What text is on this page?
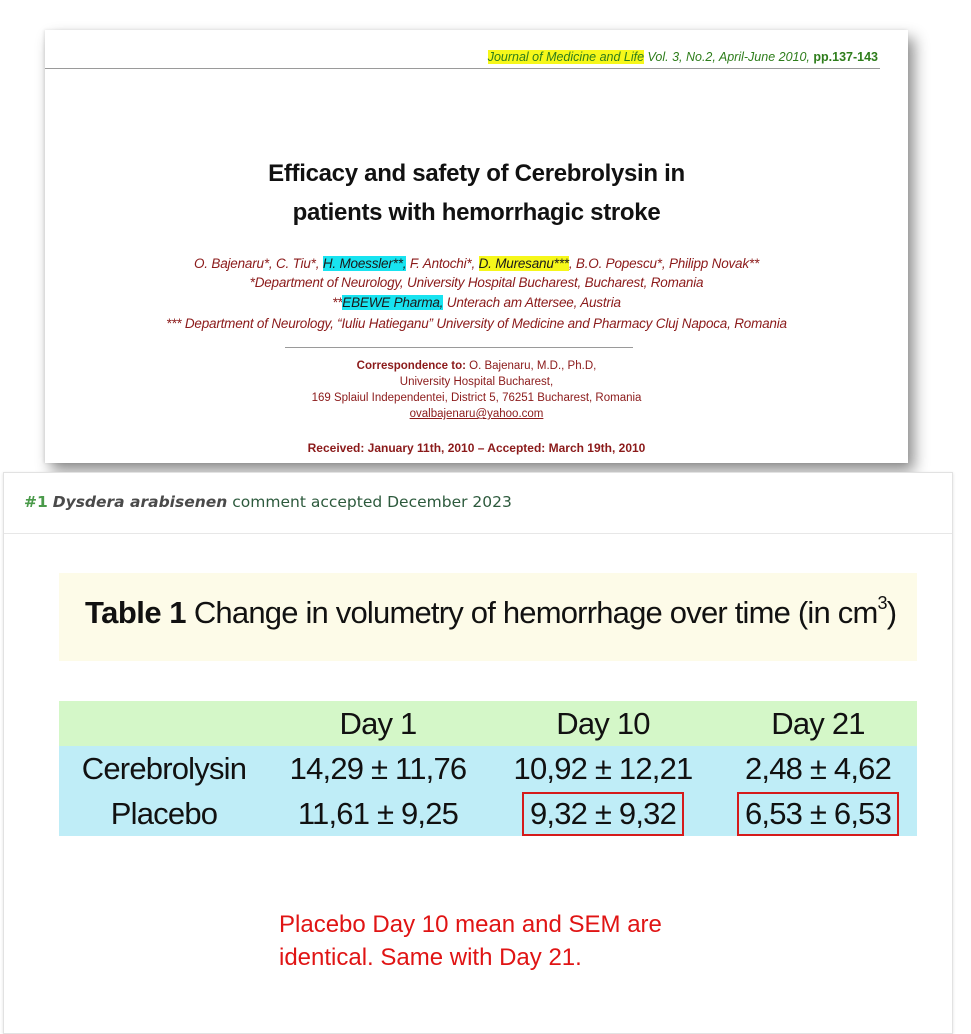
Journal of Medicine and Life Vol. 3, No.2, April-June 2010, pp.137-143
Efficacy and safety of Cerebrolysin in
patients with hemorrhagic stroke
O. Bajenaru*, C. Tiu*, H. Moessler**, F. Antochi*, D. Muresanu***, B.O. Popescu*, Philipp Novak**
*Department of Neurology, University Hospital Bucharest, Bucharest, Romania
**EBEWE Pharma, Unterach am Attersee, Austria
*** Department of Neurology, “Iuliu Hatieganu” University of Medicine and Pharmacy Cluj Napoca, Romania
Correspondence to: O. Bajenaru, M.D., Ph.D,
University Hospital Bucharest,
169 Splaiul Independentei, District 5, 76251 Bucharest, Romania
ovalbajenaru@yahoo.com
Received: January 11th, 2010 – Accepted: March 19th, 2010
#1 Dysdera arabisenen comment accepted December 2023
Table 1 Change in volumetry of hemorrhage over time (in $cm^3$)
	Day 1	Day 10	Day 21
Cerebrolysin	14,29 ± 11,76	10,92 ± 12,21	2,48 ± 4,62
Placebo	11,61 ± 9,25	9,32 ± 9,32	6,53 ± 6,53
Placebo Day 10 mean and SEM are
identical. Same with Day 21.
